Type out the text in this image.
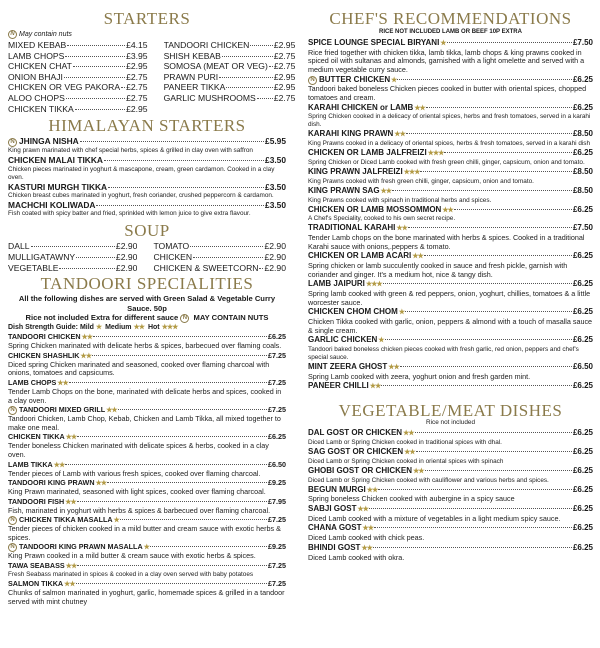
STARTERS
N May contain nuts
MIXED KEBAB	£4.15
LAMB CHOPS	£3.95
CHICKEN CHAT	£2.95
ONION BHAJI	£2.75
CHICKEN OR VEG PAKORA £2.75
ALOO CHOPS	£2.75
CHICKEN TIKKA	£2.95
TANDOORI CHICKEN	£2.95
SHISH KEBAB	£2.75
SOMOSA (MEAT OR VEG) £2.75
PRAWN PURI	£2.95
PANEER TIKKA	£2.95
GARLIC MUSHROOMS £2.75
HIMALAYAN STARTERS
N JHINGA NISHA	£5.95
King prawn marinated with chef special herbs, spices & grilled in clay oven with saffron
CHICKEN MALAI TIKKA	£3.50
Chicken pieces marinated in yoghurt & mascapone, cream, green cardamon. Cooked in a clay oven.
KASTURI MURGH TIKKA	£3.50
Chicken breast cubes marinated in yoghurt, fresh coriander, crushed peppercorn & cardamon.
MACHCHI KOLIWADA	£3.50
Fish coated with spicy batter and fried, sprinkled with lemon juice to give extra flavour.
SOUP
DALL	£2.90
MULLIGATAWNY	£2.90
VEGETABLE	£2.90
TOMATO	£2.90
CHICKEN	£2.90
CHICKEN & SWEETCORN £2.90
TANDOORI SPECIALITIES
All the following dishes are served with Green Salad & Vegetable Curry Sauce. 50p
Rice not included Extra for different sauce N MAY CONTAIN NUTS
Dish Strength Guide: Mild ★ Medium ★★ Hot ★★★
TANDOORI CHICKEN ★★	£6.25
Spring Chicken marinated with delicate herbs & spices, barbecued over flaming coals.
CHICKEN SHASHLIK ★★	£7.25
Diced spring Chicken marinated and seasoned, cooked over flaming charcoal with onions, tomatoes and capsicums.
LAMB CHOPS ★★	£7.25
Tender Lamb Chops on the bone, marinated with delicate herbs and spices, cooked in a clay oven.
N TANDOORI MIXED GRILL ★★	£7.25
Tandoori Chicken, Lamb Chop, Kebab, Chicken and Lamb Tikka, all mixed together to make one meal.
CHICKEN TIKKA ★★	£6.25
Tender boneless Chicken marinated with delicate spices & herbs, cooked in a clay oven.
LAMB TIKKA ★★	£6.50
Tender pieces of Lamb with various fresh spices, cooked over flaming charcoal.
TANDOORI KING PRAWN ★★	£9.25
King Prawn marinated, seasoned with light spices, cooked over flaming charcoal.
TANDOORI FISH ★★	£7.95
Fish, marinated in yoghurt with herbs & spices & barbecued over flaming charcoal.
N CHICKEN TIKKA MASALLA ★	£7.25
Tender pieces of chicken cooked in a mild butter and cream sauce with exotic herbs & spices.
N TANDOORI KING PRAWN MASALLA ★	£9.25
King Prawn cooked in a mild butter & cream sauce with exotic herbs & spices.
TAWA SEABASS ★★	£7.25
Fresh Seabass marinated in spices & cooked in a clay oven served with baby potatoes
SALMON TIKKA ★★	£7.25
Chunks of salmon marinated in yoghurt, garlic, homemade spices & grilled in a tandoor served with mint chutney
CHEF'S RECOMMENDATIONS
RICE NOT INCLUDED LAMB OR BEEF 10P EXTRA
SPICE LOUNGE SPECIAL BIRYANI ★	£7.50
Rice fried together with chicken tikka, lamb tikka, lamb chops & king prawns cooked in spiced oil with sultanas and almonds, garnished with a light omelette and served with a medium vegetable curry sauce.
N BUTTER CHICKEN ★	£6.25
Tandoori baked boneless Chicken pieces cooked in butter with oriental spices, chopped tomatoes and cream.
KARAHI CHICKEN or LAMB ★★	£6.25
Spring Chicken cooked in a delicacy of oriental spices, herbs and fresh tomatoes, served in a karahi dish.
KARAHI KING PRAWN ★★	£8.50
King Prawns cooked in a delicacy of oriental spices, herbs & fresh tomatoes, served in a karahi dish
CHICKEN OR LAMB JALFREIZI ★★★	£6.25
Spring Chicken or Diced Lamb cooked with fresh green chilli, ginger, capsicum, onion and tomato.
KING PRAWN JALFREIZI ★★★	£8.50
King Prawns cooked with fresh green chilli, ginger, capsicum, onion and tomato.
KING PRAWN SAG ★★	£8.50
King Prawns cooked with spinach in traditional herbs and spices.
CHICKEN OR LAMB MOSSOMMON ★★	£6.25
A Chef's Speciality, cooked to his own secret recipe.
TRADITIONAL KARAHI ★★	£7.50
Tender Lamb chops on the bone marinated with herbs & spices. Cooked in a traditional Karahi sauce with onions,.peppers & tomato.
CHICKEN OR LAMB ACARI ★★	£6.25
Spring chicken or lamb succulently cooked in sauce and fresh pickle, garnish with coriander and ginger. It's a medium hot, nice & tangy dish.
LAMB JAIPURI ★★★	£6.25
Spring lamb cooked with green & red peppers, onion, yoghurt, chillies, tomatoes & a little worcester sauce.
CHICKEN CHOM CHOM ★	£6.25
Chicken Tikka cooked with garlic, onion, peppers & almond with a touch of masalla sauce & single cream.
GARLIC CHICKEN ★	£6.25
Tandoori baked boneless chicken pieces cooked with fresh garlic, red onion, peppers and chef's special sauce.
MINT ZEERA GHOST ★★	£6.50
Spring Lamb cooked with zeera, yoghurt onion and fresh garden mint.
PANEER CHILLI ★★	£6.25
VEGETABLE/MEAT DISHES
Rice not included
DAL GOST OR CHICKEN ★★	£6.25
Diced Lamb or Spring Chicken cooked in traditional spices with dhal.
SAG GOST OR CHICKEN ★★	£6.25
Diced Lamb or Spring Chicken cooked in oriental spices with spinach
GHOBI GOST OR CHICKEN ★★	£6.25
Diced Lamb or Spring Chicken cooked with cauliflower and various herbs and spices.
BEGUN MURGI ★★	£6.25
Spring boneless Chicken cooked with aubergine in a spicy sauce
SABJI GOST ★★	£6.25
Diced Lamb cooked with a mixture of vegetables in a light medium spicy sauce.
CHANA GOST ★★	£6.25
Diced Lamb cooked with chick peas.
BHINDI GOST ★★	£6.25
Diced Lamb cooked with okra.
